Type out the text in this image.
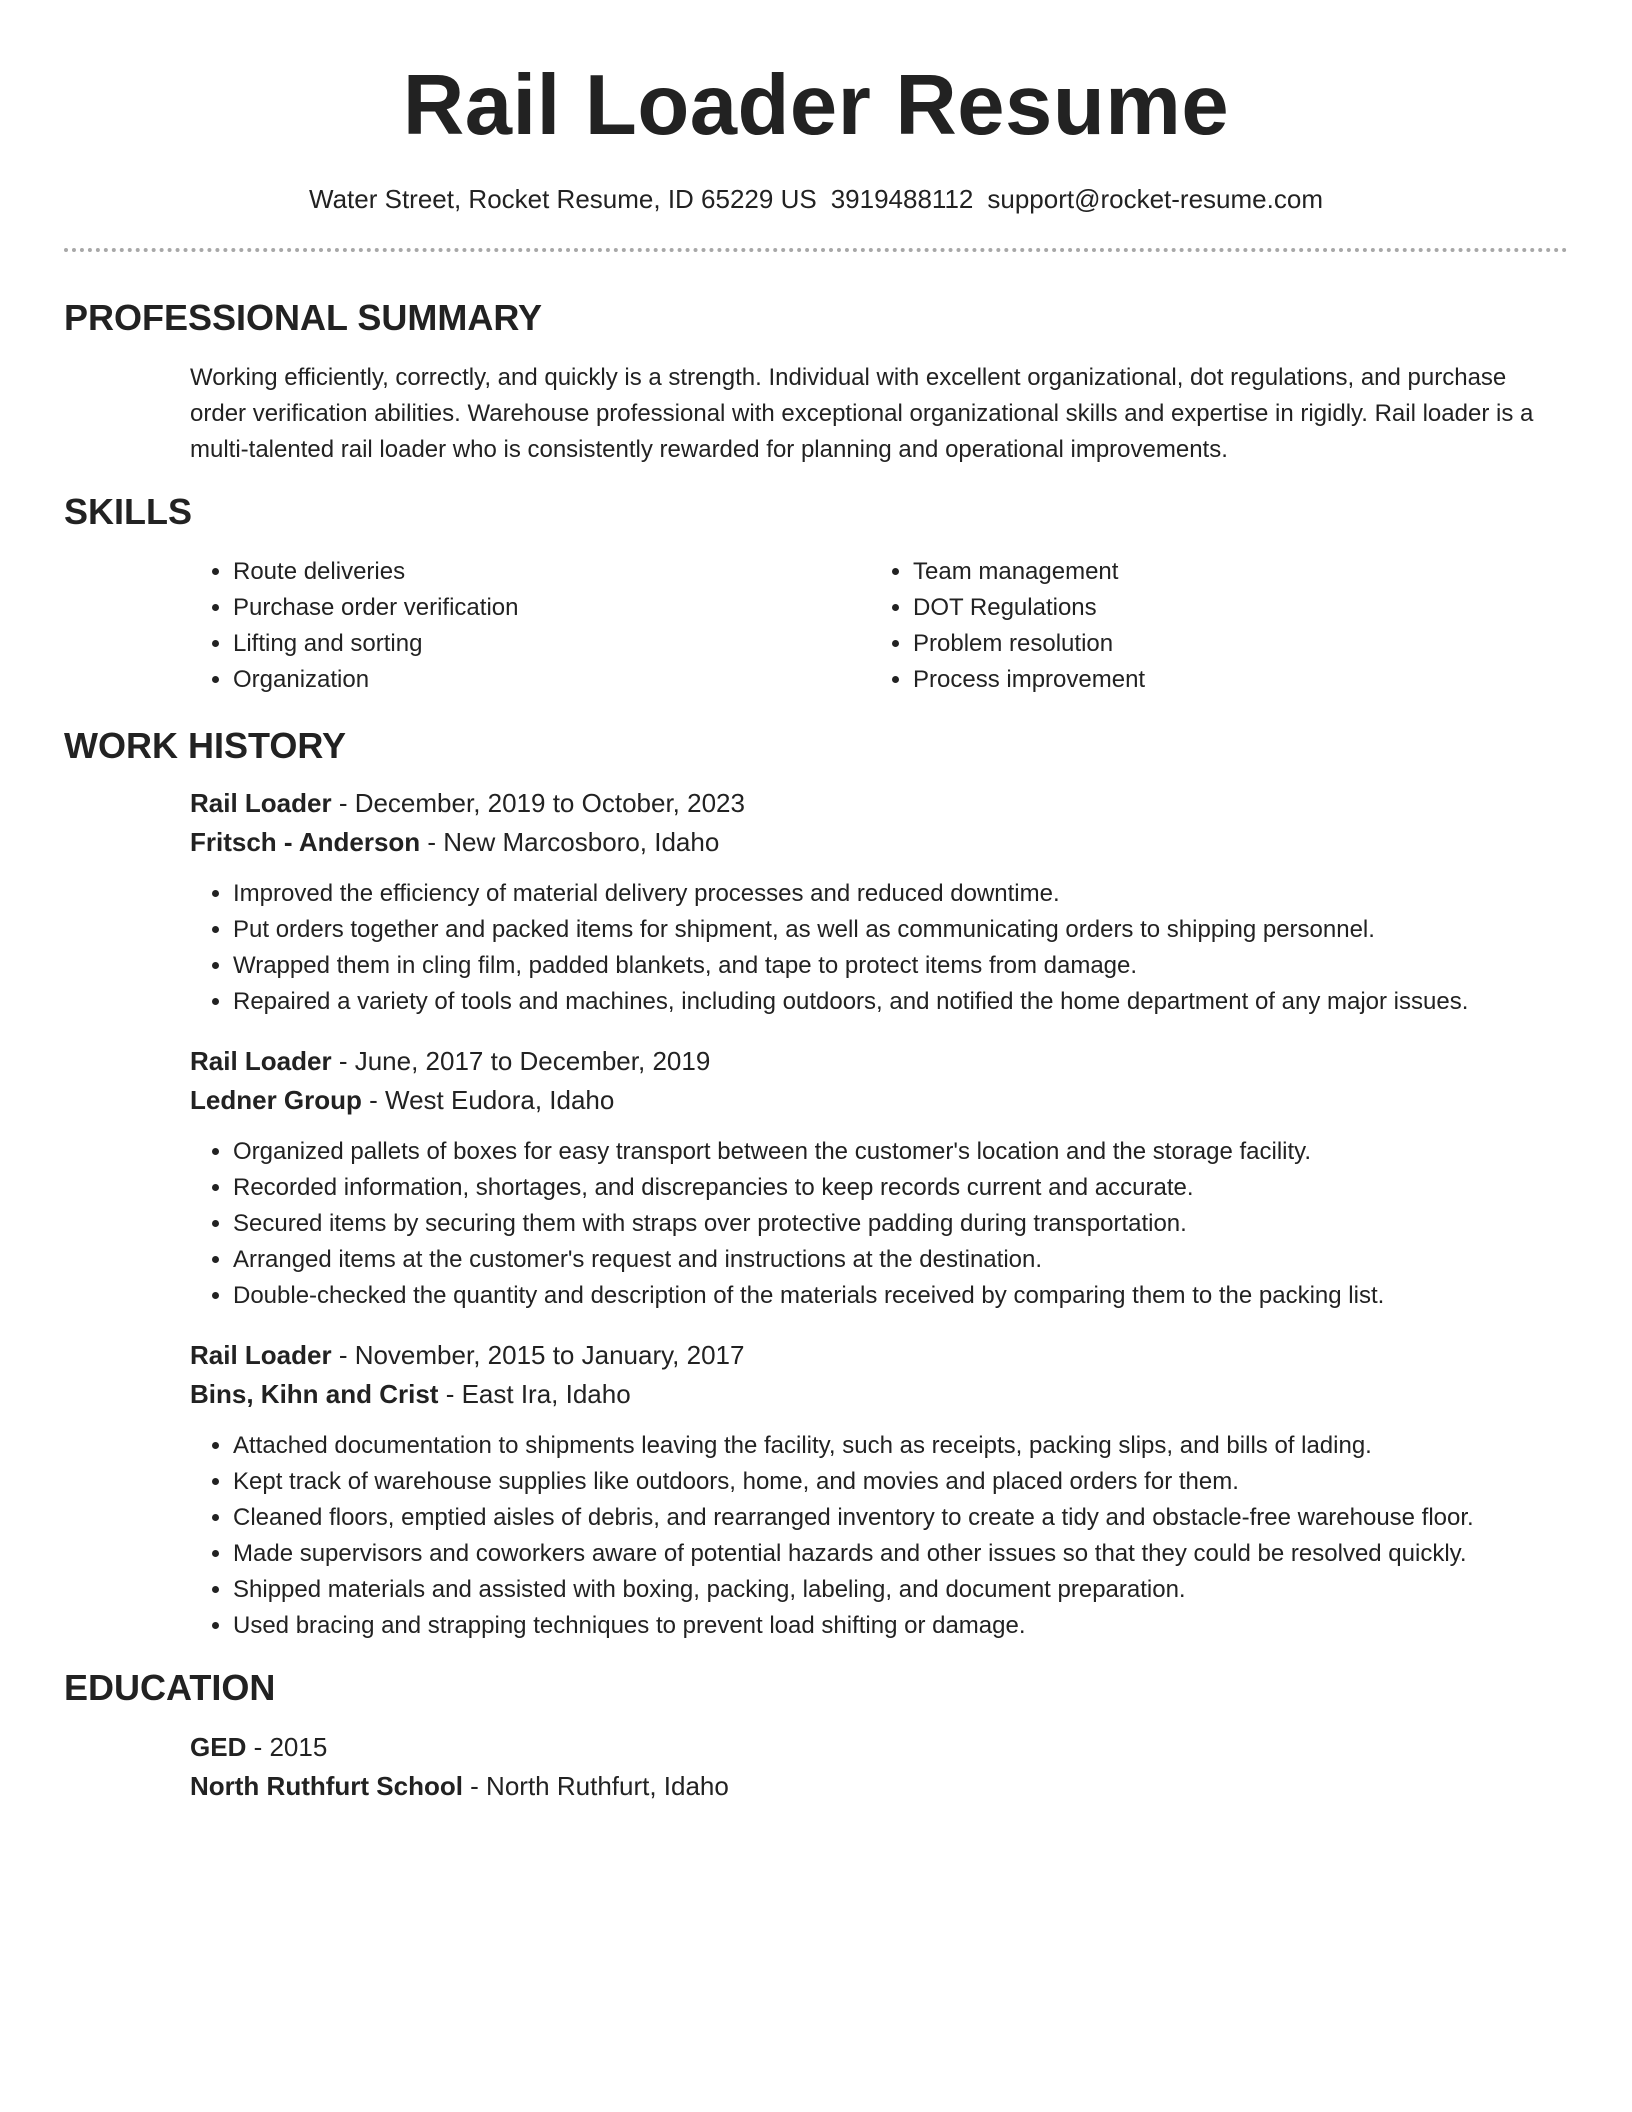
Rail Loader Resume
Water Street, Rocket Resume, ID 65229 US 3919488112 support@rocket-resume.com
PROFESSIONAL SUMMARY

Working efficiently, correctly, and quickly is a strength. Individual with excellent organizational, dot regulations, and purchase order verification abilities. Warehouse professional with exceptional organizational skills and expertise in rigidly. Rail loader is a multi-talented rail loader who is consistently rewarded for planning and operational improvements.

SKILLS
• Route deliveries
• Purchase order verification
• Lifting and sorting
• Organization
• Team management
• DOT Regulations
• Problem resolution
• Process improvement
WORK HISTORY
Rail Loader - December, 2019 to October, 2023
Fritsch - Anderson - New Marcosboro, Idaho
• Improved the efficiency of material delivery processes and reduced downtime.
• Put orders together and packed items for shipment, as well as communicating orders to shipping personnel.
• Wrapped them in cling film, padded blankets, and tape to protect items from damage.
• Repaired a variety of tools and machines, including outdoors, and notified the home department of any major issues.
Rail Loader - June, 2017 to December, 2019
Ledner Group - West Eudora, Idaho
• Organized pallets of boxes for easy transport between the customer's location and the storage facility.
• Recorded information, shortages, and discrepancies to keep records current and accurate.
• Secured items by securing them with straps over protective padding during transportation.
• Arranged items at the customer's request and instructions at the destination.
• Double-checked the quantity and description of the materials received by comparing them to the packing list.
Rail Loader - November, 2015 to January, 2017
Bins, Kihn and Crist - East Ira, Idaho
• Attached documentation to shipments leaving the facility, such as receipts, packing slips, and bills of lading.
• Kept track of warehouse supplies like outdoors, home, and movies and placed orders for them.
• Cleaned floors, emptied aisles of debris, and rearranged inventory to create a tidy and obstacle-free warehouse floor.
• Made supervisors and coworkers aware of potential hazards and other issues so that they could be resolved quickly.
• Shipped materials and assisted with boxing, packing, labeling, and document preparation.
• Used bracing and strapping techniques to prevent load shifting or damage.
EDUCATION
GED - 2015
North Ruthfurt School - North Ruthfurt, Idaho
